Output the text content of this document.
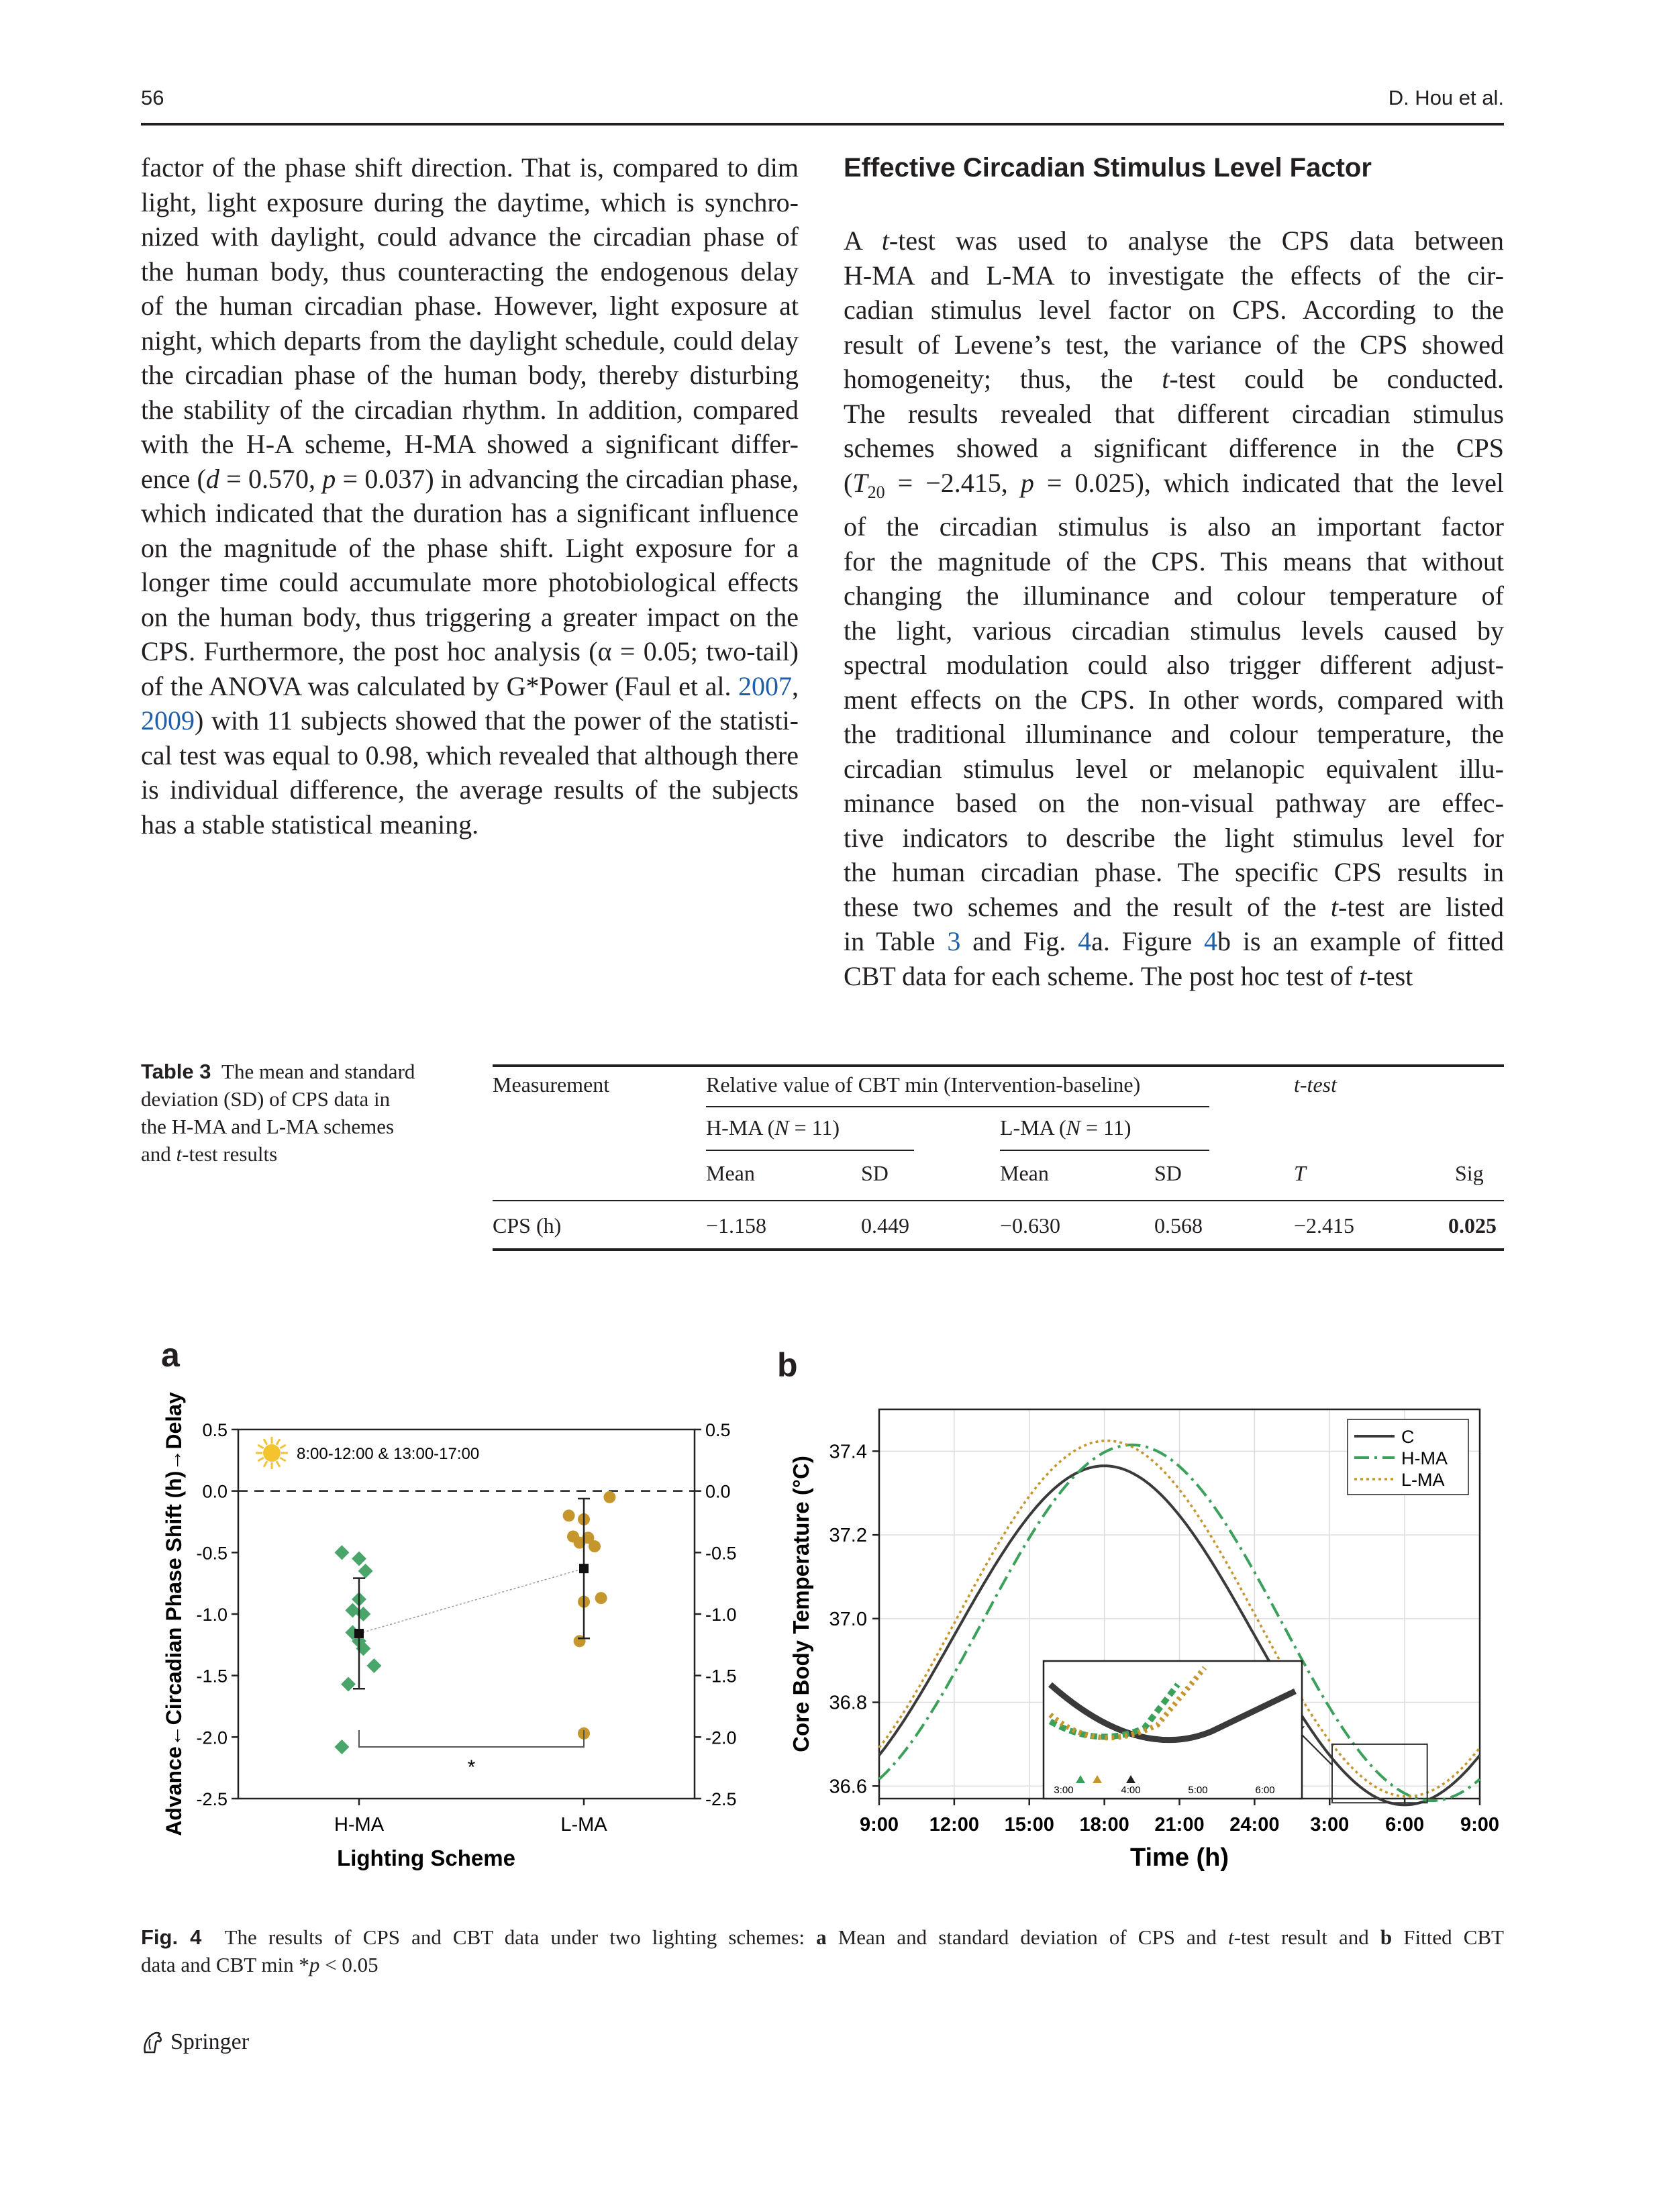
56	D. Hou et al.
factor of the phase shift direction. That is, compared to dim
light, light exposure during the daytime, which is synchro-
nized with daylight, could advance the circadian phase of
the human body, thus counteracting the endogenous delay
of the human circadian phase. However, light exposure at
night, which departs from the daylight schedule, could delay
the circadian phase of the human body, thereby disturbing
the stability of the circadian rhythm. In addition, compared
with the H-A scheme, H-MA showed a significant differ-
ence (d = 0.570, p = 0.037) in advancing the circadian phase,
which indicated that the duration has a significant influence
on the magnitude of the phase shift. Light exposure for a
longer time could accumulate more photobiological effects
on the human body, thus triggering a greater impact on the
CPS. Furthermore, the post hoc analysis (α = 0.05; two-tail)
of the ANOVA was calculated by G*Power (Faul et al. 2007,
2009) with 11 subjects showed that the power of the statisti-
cal test was equal to 0.98, which revealed that although there
is individual difference, the average results of the subjects
has a stable statistical meaning.
Effective Circadian Stimulus Level Factor
A t-test was used to analyse the CPS data between
H-MA and L-MA to investigate the effects of the cir-
cadian stimulus level factor on CPS. According to the
result of Levene’s test, the variance of the CPS showed
homogeneity; thus, the t-test could be conducted.
The results revealed that different circadian stimulus
schemes showed a significant difference in the CPS
($T_{20} = -2.415$, p = 0.025), which indicated that the level
of the circadian stimulus is also an important factor
for the magnitude of the CPS. This means that without
changing the illuminance and colour temperature of
the light, various circadian stimulus levels caused by
spectral modulation could also trigger different adjust-
ment effects on the CPS. In other words, compared with
the traditional illuminance and colour temperature, the
circadian stimulus level or melanopic equivalent illu-
minance based on the non-visual pathway are effec-
tive indicators to describe the light stimulus level for
the human circadian phase. The specific CPS results in
these two schemes and the result of the t-test are listed
in Table 3 and Fig. 4a. Figure 4b is an example of fitted
CBT data for each scheme. The post hoc test of t-test
Table 3 The mean and standard
deviation (SD) of CPS data in
the H-MA and L-MA schemes
and t-test results
Measurement	Relative value of CBT min (Intervention-baseline)	t-test
H-MA (N = 11)	L-MA (N = 11)
Mean	SD	Mean	SD	T	Sig
CPS (h)	−1.158	0.449	−0.630	0.568	−2.415	0.025
a	b
0.5	0.5
0.0	0.0
-0.5	-0.5
-1.0	-1.0
-1.5	-1.5
-2.0	-2.0
-2.5	-2.5
H-MA	L-MA
Lighting Scheme
Advance←Circadian Phase Shift (h)→Delay	8:00-12:00 & 13:00-17:00
*
37.4
37.2
37.0
36.8
36.6
9:00 12:00 15:00 18:00 21:00 24:00 3:00 6:00 9:00
Time (h)
Core Body Temperature (°C)
C
H-MA
L-MA
3:00	4:00	5:00	6:00
Fig. 4  The results of CPS and CBT data under two lighting schemes: a Mean and standard deviation of CPS and t-test result and b Fitted CBT
data and CBT min *p < 0.05
Springer
